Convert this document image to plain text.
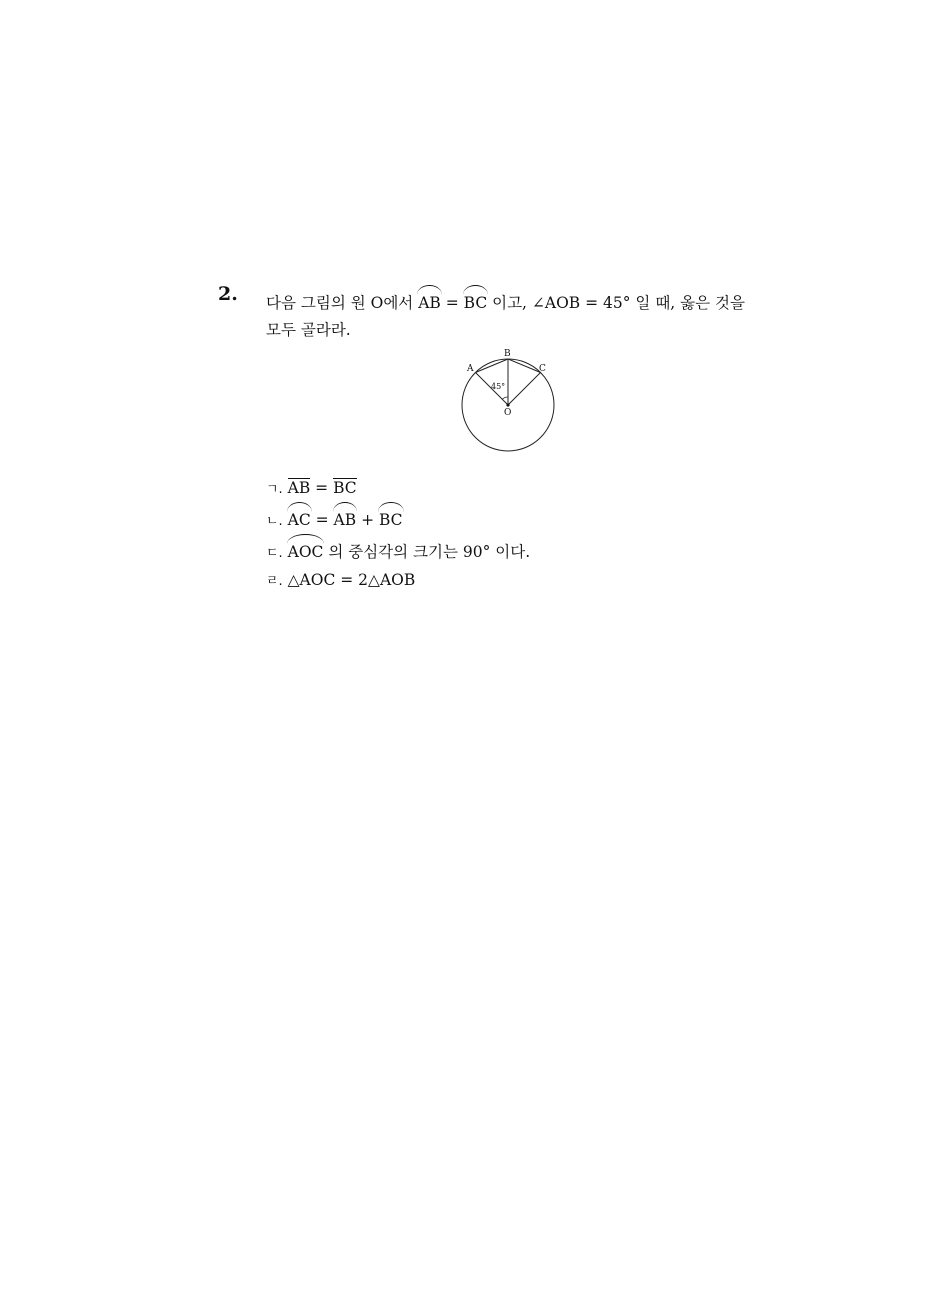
2. 다음 그림의 원 O에서 AB = BC 이고, ∠AOB = 45° 일 때, 옳은 것을
모두 골라라.
A
B
C
O
45°
ㄱ. AB = BC
ㄴ. AC = AB + BC
ㄷ. AOC 의 중심각의 크기는 90° 이다.
ㄹ. △AOC = 2△AOB
